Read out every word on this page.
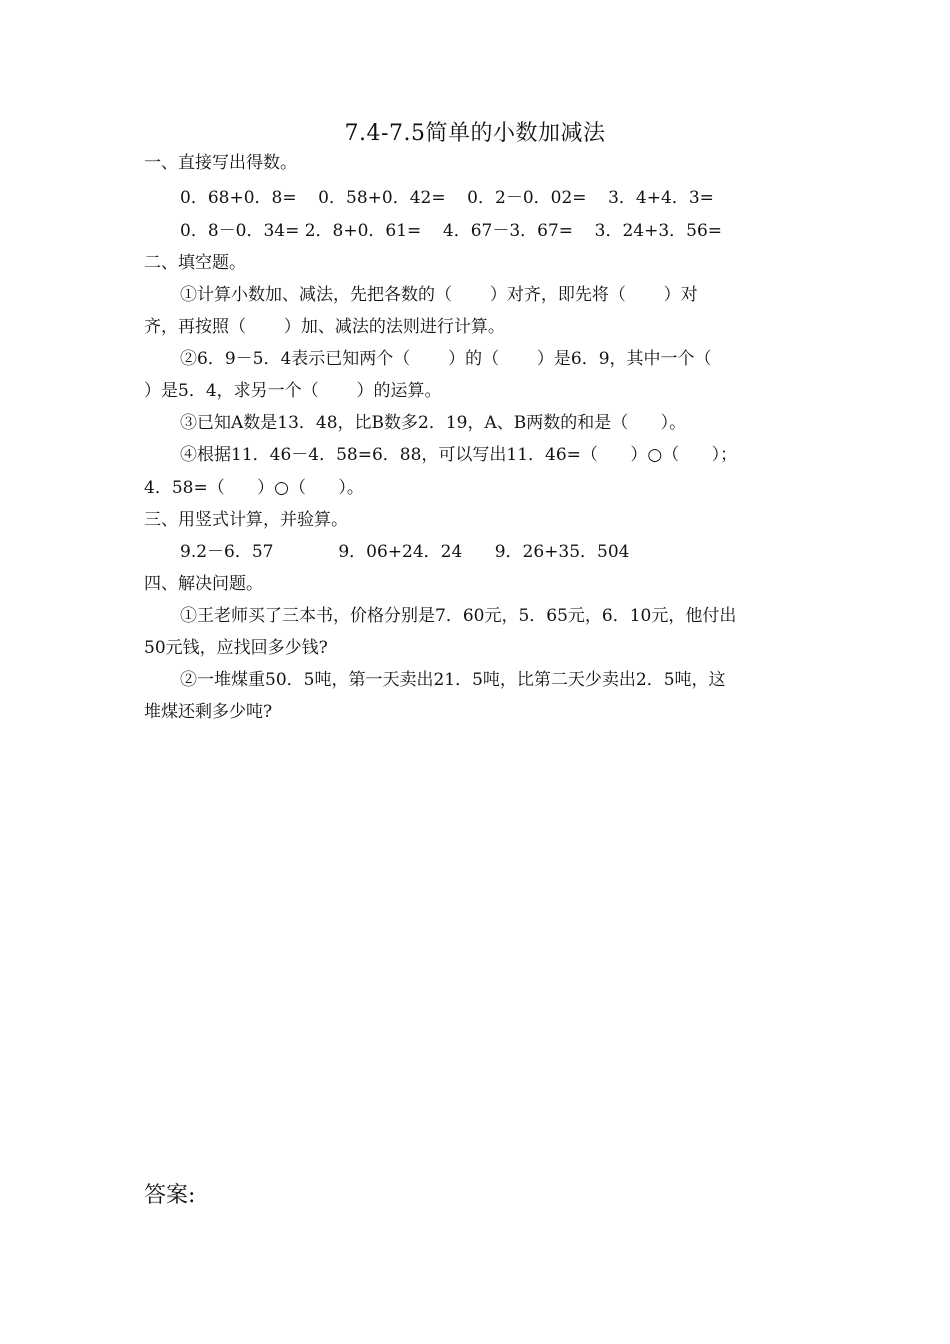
7.4-7.5简单的小数加减法
一、直接写出得数。
0．68+0．8=    0．58+0．42=    0．2－0．02=    3．4+4．3=
0．8－0．34= 2．8+0．61=    4．67－3．67=    3．24+3．56=
二、填空题。
①计算小数加、减法，先把各数的（       ）对齐，即先将（       ）对
齐，再按照（       ）加、减法的法则进行计算。
②6．9－5．4表示已知两个（       ）的（       ）是6．9，其中一个（
）是5．4，求另一个（       ）的运算。
③已知A数是13．48，比B数多2．19，A、B两数的和是（      ）。
④根据11．46－4．58=6．88，可以写出11．46=（      ）○（      ）；
4．58=（      ）○（      ）。
三、用竖式计算，并验算。
9.2－6．57            9．06+24．24      9．26+35．504
四、解决问题。
①王老师买了三本书，价格分别是7．60元，5．65元，6．10元，他付出
50元钱，应找回多少钱?
②一堆煤重50．5吨，第一天卖出21．5吨，比第二天少卖出2．5吨，这
堆煤还剩多少吨?
答案:
